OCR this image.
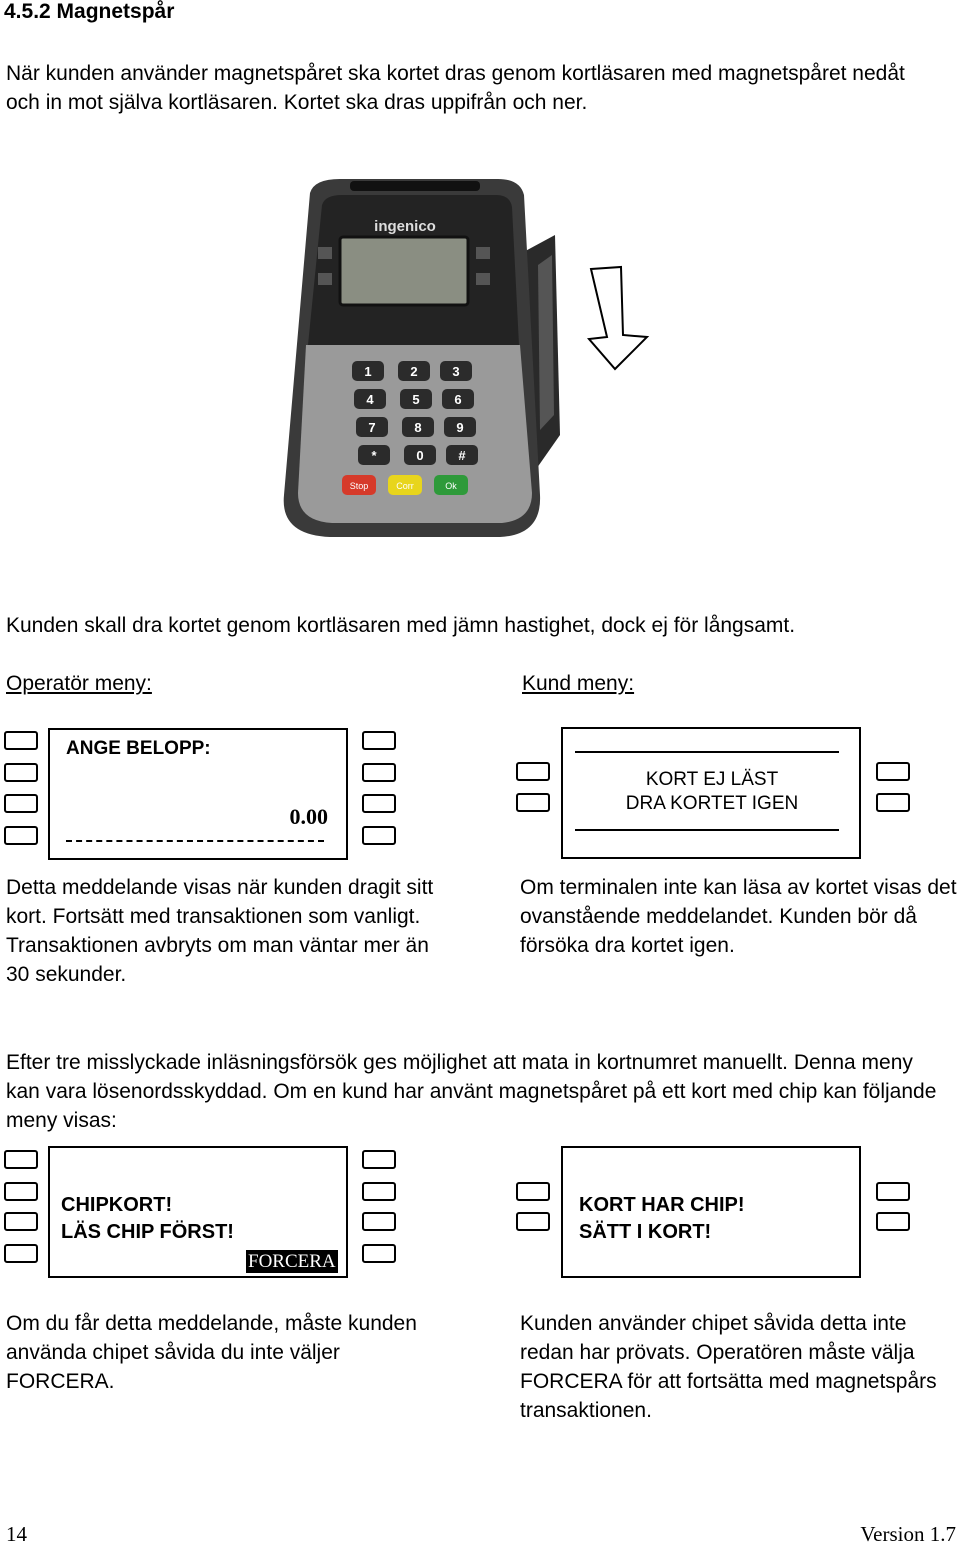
4.5.2 Magnetspår

När kunden använder magnetspåret ska kortet dras genom kortläsaren med magnetspåret nedåt och in mot själva kortläsaren. Kortet ska dras uppifrån och ner.

ingenico
1	2	3
4	5	6
7	8	9
*	0	#
Stop	Corr	Ok

Kunden skall dra kortet genom kortläsaren med jämn hastighet, dock ej för långsamt.

Operatör meny:	Kund meny:
ANGE BELOPP:
0.00
KORT EJ LÄST
DRA KORTET IGEN

Detta meddelande visas när kunden dragit sitt kort. Fortsätt med transaktionen som vanligt. Transaktionen avbryts om man väntar mer än 30 sekunder.

Om terminalen inte kan läsa av kortet visas det ovanstående meddelandet. Kunden bör då försöka dra kortet igen.

Efter tre misslyckade inläsningsförsök ges möjlighet att mata in kortnumret manuellt. Denna meny kan vara lösenordsskyddad. Om en kund har använt magnetspåret på ett kort med chip kan följande meny visas:

CHIPKORT!
LÄS CHIP FÖRST!
FORCERA
KORT HAR CHIP!
SÄTT I KORT!

Om du får detta meddelande, måste kunden använda chipet såvida du inte väljer FORCERA.

Kunden använder chipet såvida detta inte redan har prövats. Operatören måste välja FORCERA för att fortsätta med magnetspårs transaktionen.

14	Version 1.7
